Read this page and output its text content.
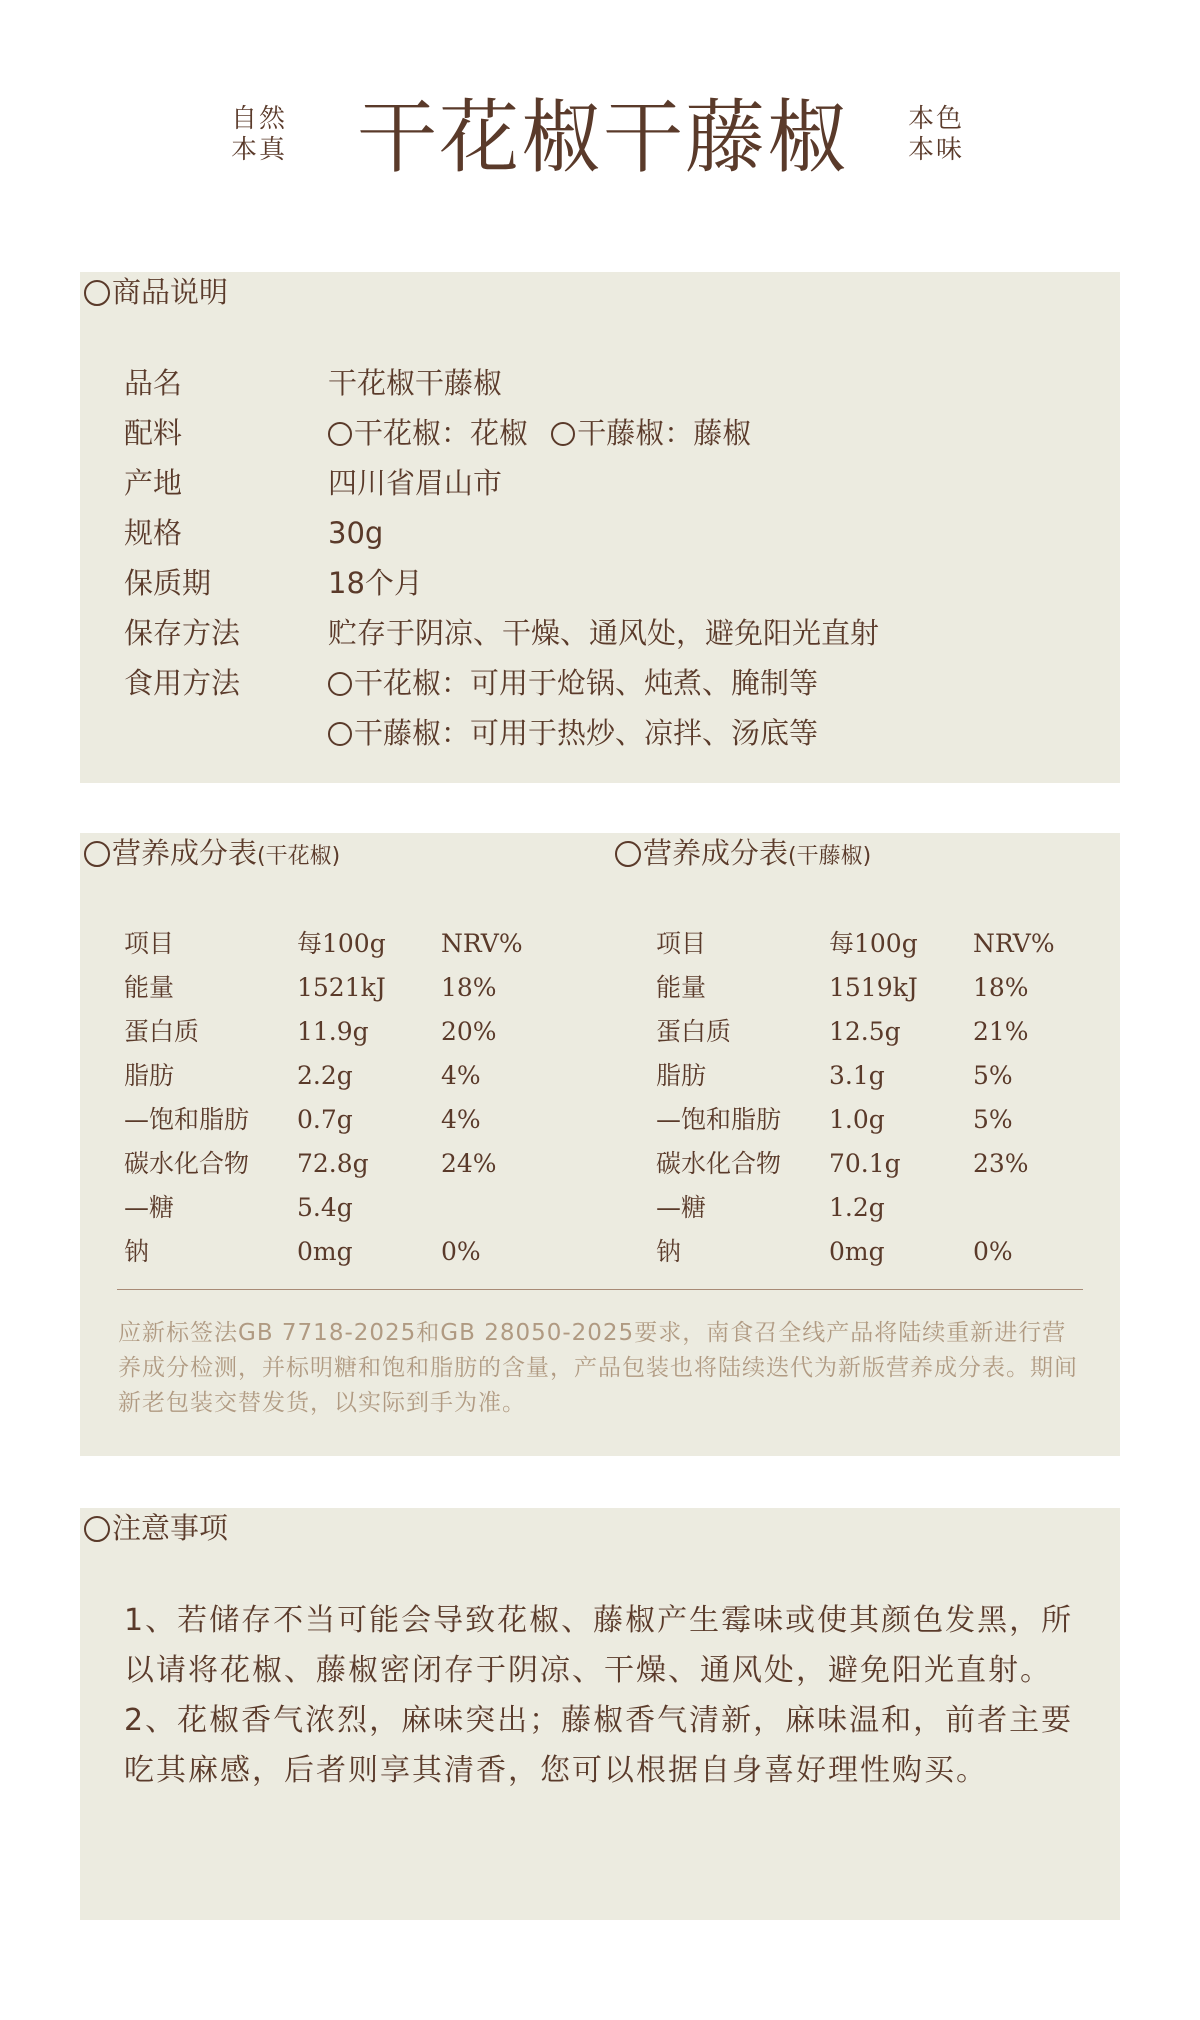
自然
本真 干花椒干藤椒	本色
本味
商品说明
品名	干花椒干藤椒
配料	干花椒：花椒 干藤椒：藤椒
产地	四川省眉山市
规格	30g
保质期	18个月
保存方法	贮存于阴凉、干燥、通风处，避免阳光直射
食用方法	干花椒：可用于炝锅、炖煮、腌制等
干藤椒：可用于热炒、凉拌、汤底等
营养成分表(干花椒)	营养成分表(干藤椒)
项目	每100g NRV%
能量	1521kJ 18%
蛋白质	11.9g	20%
脂肪	2.2g	4%
—饱和脂肪 0.7g	4%
碳水化合物 72.8g	24%
—糖	5.4g
钠	0mg	0%
项目	每100g NRV%
能量	1519kJ 18%
蛋白质	12.5g	21%
脂肪	3.1g	5%
—饱和脂肪 1.0g	5%
碳水化合物 70.1g	23%
—糖	1.2g
钠	0mg	0%
应新标签法GB 7718-2025和GB 28050-2025要求，南食召全线产品将陆续重新进行营养成分检测，并标明糖和饱和脂肪的含量，产品包装也将陆续迭代为新版营养成分表。期间新老包装交替发货，以实际到手为准。
注意事项

1、若储存不当可能会导致花椒、藤椒产生霉味或使其颜色发黑，所以请将花椒、藤椒密闭存于阴凉、干燥、通风处，避免阳光直射。

2、花椒香气浓烈，麻味突出；藤椒香气清新，麻味温和，前者主要吃其麻感，后者则享其清香，您可以根据自身喜好理性购买。
